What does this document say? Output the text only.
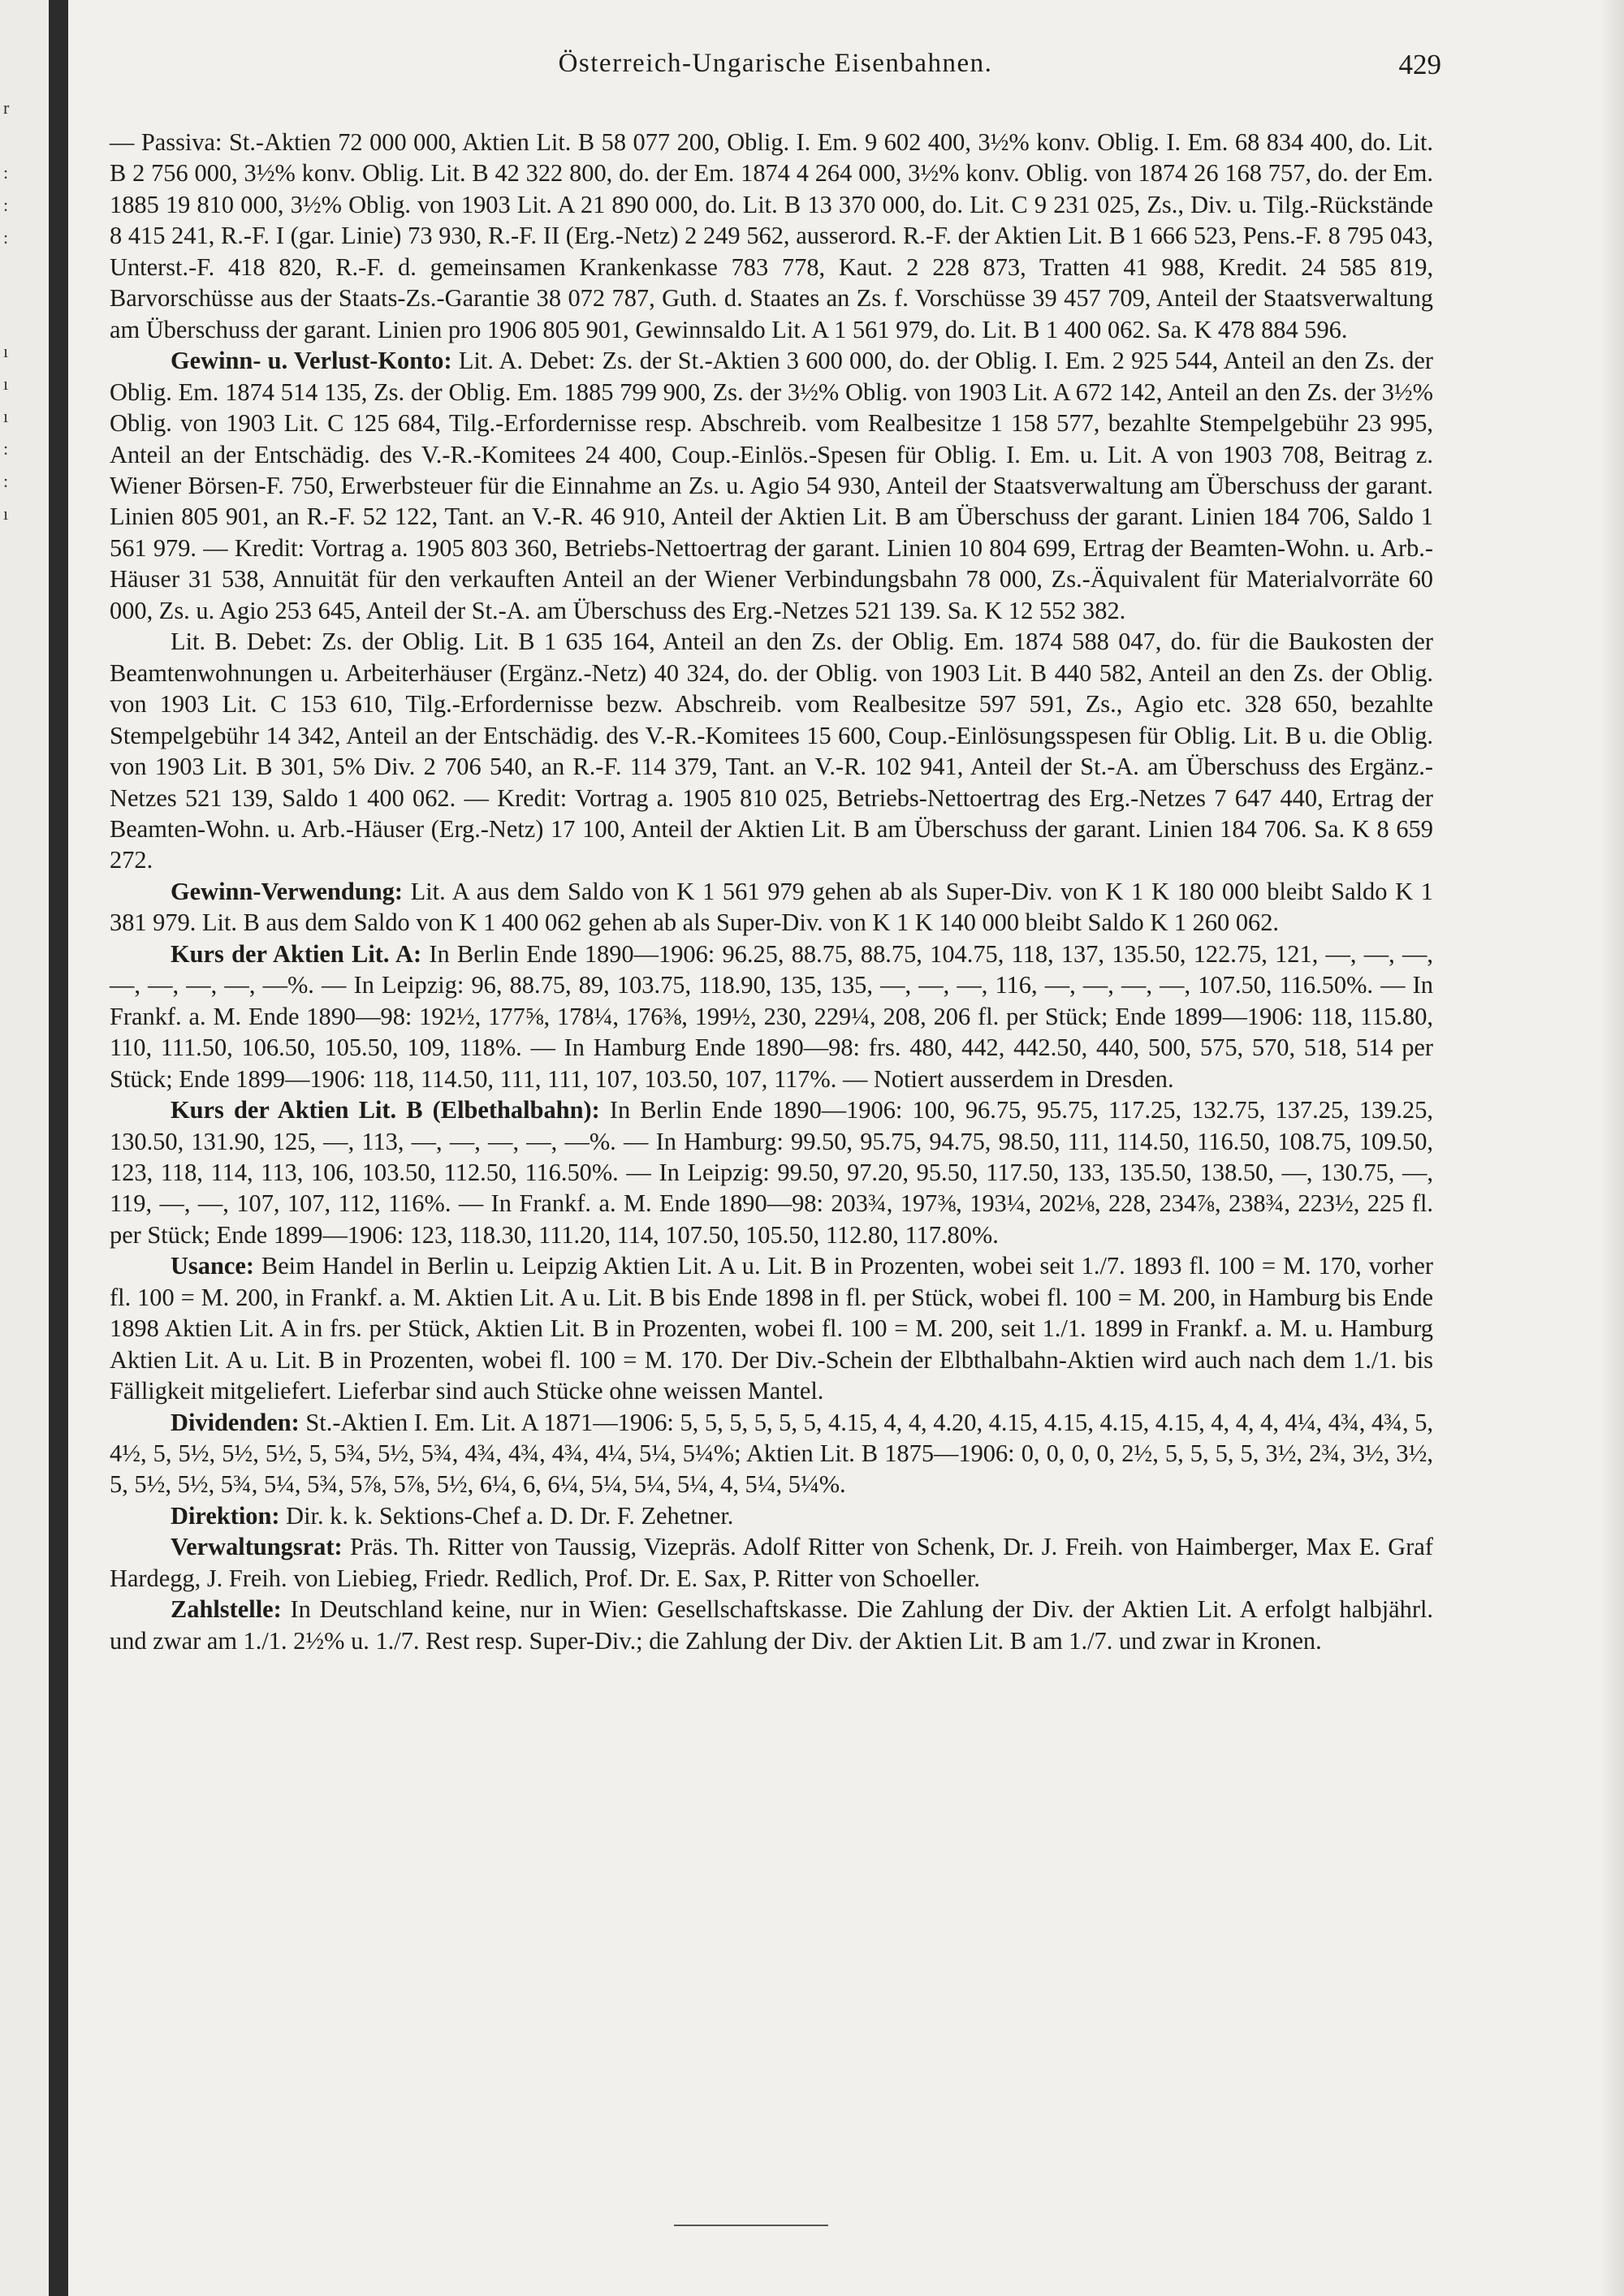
r
:
:
:
ı
ı
ı
:
:
ı
Österreich-Ungarische Eisenbahnen.	429

— Passiva: St.-Aktien 72 000 000, Aktien Lit. B 58 077 200, Oblig. I. Em. 9 602 400, 3½% konv. Oblig. I. Em. 68 834 400, do. Lit. B 2 756 000, 3½% konv. Oblig. Lit. B 42 322 800, do. der Em. 1874 4 264 000, 3½% konv. Oblig. von 1874 26 168 757, do. der Em. 1885 19 810 000, 3½% Oblig. von 1903 Lit. A 21 890 000, do. Lit. B 13 370 000, do. Lit. C 9 231 025, Zs., Div. u. Tilg.-Rückstände 8 415 241, R.-F. I (gar. Linie) 73 930, R.-F. II (Erg.-Netz) 2 249 562, ausserord. R.-F. der Aktien Lit. B 1 666 523, Pens.-F. 8 795 043, Unterst.-F. 418 820, R.-F. d. gemeinsamen Krankenkasse 783 778, Kaut. 2 228 873, Tratten 41 988, Kredit. 24 585 819, Barvorschüsse aus der Staats-Zs.-Garantie 38 072 787, Guth. d. Staates an Zs. f. Vorschüsse 39 457 709, Anteil der Staatsverwaltung am Überschuss der garant. Linien pro 1906 805 901, Gewinnsaldo Lit. A 1 561 979, do. Lit. B 1 400 062. Sa. K 478 884 596.

Gewinn- u. Verlust-Konto: Lit. A. Debet: Zs. der St.-Aktien 3 600 000, do. der Oblig. I. Em. 2 925 544, Anteil an den Zs. der Oblig. Em. 1874 514 135, Zs. der Oblig. Em. 1885 799 900, Zs. der 3½% Oblig. von 1903 Lit. A 672 142, Anteil an den Zs. der 3½% Oblig. von 1903 Lit. C 125 684, Tilg.-Erfordernisse resp. Abschreib. vom Realbesitze 1 158 577, bezahlte Stempelgebühr 23 995, Anteil an der Entschädig. des V.-R.-Komitees 24 400, Coup.-Einlös.-Spesen für Oblig. I. Em. u. Lit. A von 1903 708, Beitrag z. Wiener Börsen-F. 750, Erwerbsteuer für die Einnahme an Zs. u. Agio 54 930, Anteil der Staatsverwaltung am Überschuss der garant. Linien 805 901, an R.-F. 52 122, Tant. an V.-R. 46 910, Anteil der Aktien Lit. B am Überschuss der garant. Linien 184 706, Saldo 1 561 979. — Kredit: Vortrag a. 1905 803 360, Betriebs-Nettoertrag der garant. Linien 10 804 699, Ertrag der Beamten-Wohn. u. Arb.-Häuser 31 538, Annuität für den verkauften Anteil an der Wiener Verbindungsbahn 78 000, Zs.-Äquivalent für Materialvorräte 60 000, Zs. u. Agio 253 645, Anteil der St.-A. am Überschuss des Erg.-Netzes 521 139. Sa. K 12 552 382.

Lit. B. Debet: Zs. der Oblig. Lit. B 1 635 164, Anteil an den Zs. der Oblig. Em. 1874 588 047, do. für die Baukosten der Beamtenwohnungen u. Arbeiterhäuser (Ergänz.-Netz) 40 324, do. der Oblig. von 1903 Lit. B 440 582, Anteil an den Zs. der Oblig. von 1903 Lit. C 153 610, Tilg.-Erfordernisse bezw. Abschreib. vom Realbesitze 597 591, Zs., Agio etc. 328 650, bezahlte Stempelgebühr 14 342, Anteil an der Entschädig. des V.-R.-Komitees 15 600, Coup.-Einlösungsspesen für Oblig. Lit. B u. die Oblig. von 1903 Lit. B 301, 5% Div. 2 706 540, an R.-F. 114 379, Tant. an V.-R. 102 941, Anteil der St.-A. am Überschuss des Ergänz.-Netzes 521 139, Saldo 1 400 062. — Kredit: Vortrag a. 1905 810 025, Betriebs-Nettoertrag des Erg.-Netzes 7 647 440, Ertrag der Beamten-Wohn. u. Arb.-Häuser (Erg.-Netz) 17 100, Anteil der Aktien Lit. B am Überschuss der garant. Linien 184 706. Sa. K 8 659 272.

Gewinn-Verwendung: Lit. A aus dem Saldo von K 1 561 979 gehen ab als Super-Div. von K 1 K 180 000 bleibt Saldo K 1 381 979. Lit. B aus dem Saldo von K 1 400 062 gehen ab als Super-Div. von K 1 K 140 000 bleibt Saldo K 1 260 062.

Kurs der Aktien Lit. A: In Berlin Ende 1890—1906: 96.25, 88.75, 88.75, 104.75, 118, 137, 135.50, 122.75, 121, —, —, —, —, —, —, —, —%. — In Leipzig: 96, 88.75, 89, 103.75, 118.90, 135, 135, —, —, —, 116, —, —, —, —, 107.50, 116.50%. — In Frankf. a. M. Ende 1890—98: 192½, 177⅝, 178¼, 176⅜, 199½, 230, 229¼, 208, 206 fl. per Stück; Ende 1899—1906: 118, 115.80, 110, 111.50, 106.50, 105.50, 109, 118%. — In Hamburg Ende 1890—98: frs. 480, 442, 442.50, 440, 500, 575, 570, 518, 514 per Stück; Ende 1899—1906: 118, 114.50, 111, 111, 107, 103.50, 107, 117%. — Notiert ausserdem in Dresden.

Kurs der Aktien Lit. B (Elbethalbahn): In Berlin Ende 1890—1906: 100, 96.75, 95.75, 117.25, 132.75, 137.25, 139.25, 130.50, 131.90, 125, —, 113, —, —, —, —, —%. — In Hamburg: 99.50, 95.75, 94.75, 98.50, 111, 114.50, 116.50, 108.75, 109.50, 123, 118, 114, 113, 106, 103.50, 112.50, 116.50%. — In Leipzig: 99.50, 97.20, 95.50, 117.50, 133, 135.50, 138.50, —, 130.75, —, 119, —, —, 107, 107, 112, 116%. — In Frankf. a. M. Ende 1890—98: 203¾, 197⅜, 193¼, 202⅛, 228, 234⅞, 238¾, 223½, 225 fl. per Stück; Ende 1899—1906: 123, 118.30, 111.20, 114, 107.50, 105.50, 112.80, 117.80%.

Usance: Beim Handel in Berlin u. Leipzig Aktien Lit. A u. Lit. B in Prozenten, wobei seit 1./7. 1893 fl. 100 = M. 170, vorher fl. 100 = M. 200, in Frankf. a. M. Aktien Lit. A u. Lit. B bis Ende 1898 in fl. per Stück, wobei fl. 100 = M. 200, in Hamburg bis Ende 1898 Aktien Lit. A in frs. per Stück, Aktien Lit. B in Prozenten, wobei fl. 100 = M. 200, seit 1./1. 1899 in Frankf. a. M. u. Hamburg Aktien Lit. A u. Lit. B in Prozenten, wobei fl. 100 = M. 170. Der Div.-Schein der Elbthalbahn-Aktien wird auch nach dem 1./1. bis Fälligkeit mitgeliefert. Lieferbar sind auch Stücke ohne weissen Mantel.

Dividenden: St.-Aktien I. Em. Lit. A 1871—1906: 5, 5, 5, 5, 5, 5, 4.15, 4, 4, 4.20, 4.15, 4.15, 4.15, 4.15, 4, 4, 4, 4¼, 4¾, 4¾, 5, 4½, 5, 5½, 5½, 5½, 5, 5¾, 5½, 5¾, 4¾, 4¾, 4¾, 4¼, 5¼, 5¼%; Aktien Lit. B 1875—1906: 0, 0, 0, 0, 2½, 5, 5, 5, 5, 3½, 2¾, 3½, 3½, 5, 5½, 5½, 5¾, 5¼, 5¾, 5⅞, 5⅞, 5½, 6¼, 6, 6¼, 5¼, 5¼, 5¼, 4, 5¼, 5¼%.

Direktion: Dir. k. k. Sektions-Chef a. D. Dr. F. Zehetner.

Verwaltungsrat: Präs. Th. Ritter von Taussig, Vizepräs. Adolf Ritter von Schenk, Dr. J. Freih. von Haimberger, Max E. Graf Hardegg, J. Freih. von Liebieg, Friedr. Redlich, Prof. Dr. E. Sax, P. Ritter von Schoeller.

Zahlstelle: In Deutschland keine, nur in Wien: Gesellschaftskasse. Die Zahlung der Div. der Aktien Lit. A erfolgt halbjährl. und zwar am 1./1. 2½% u. 1./7. Rest resp. Super-Div.; die Zahlung der Div. der Aktien Lit. B am 1./7. und zwar in Kronen.
